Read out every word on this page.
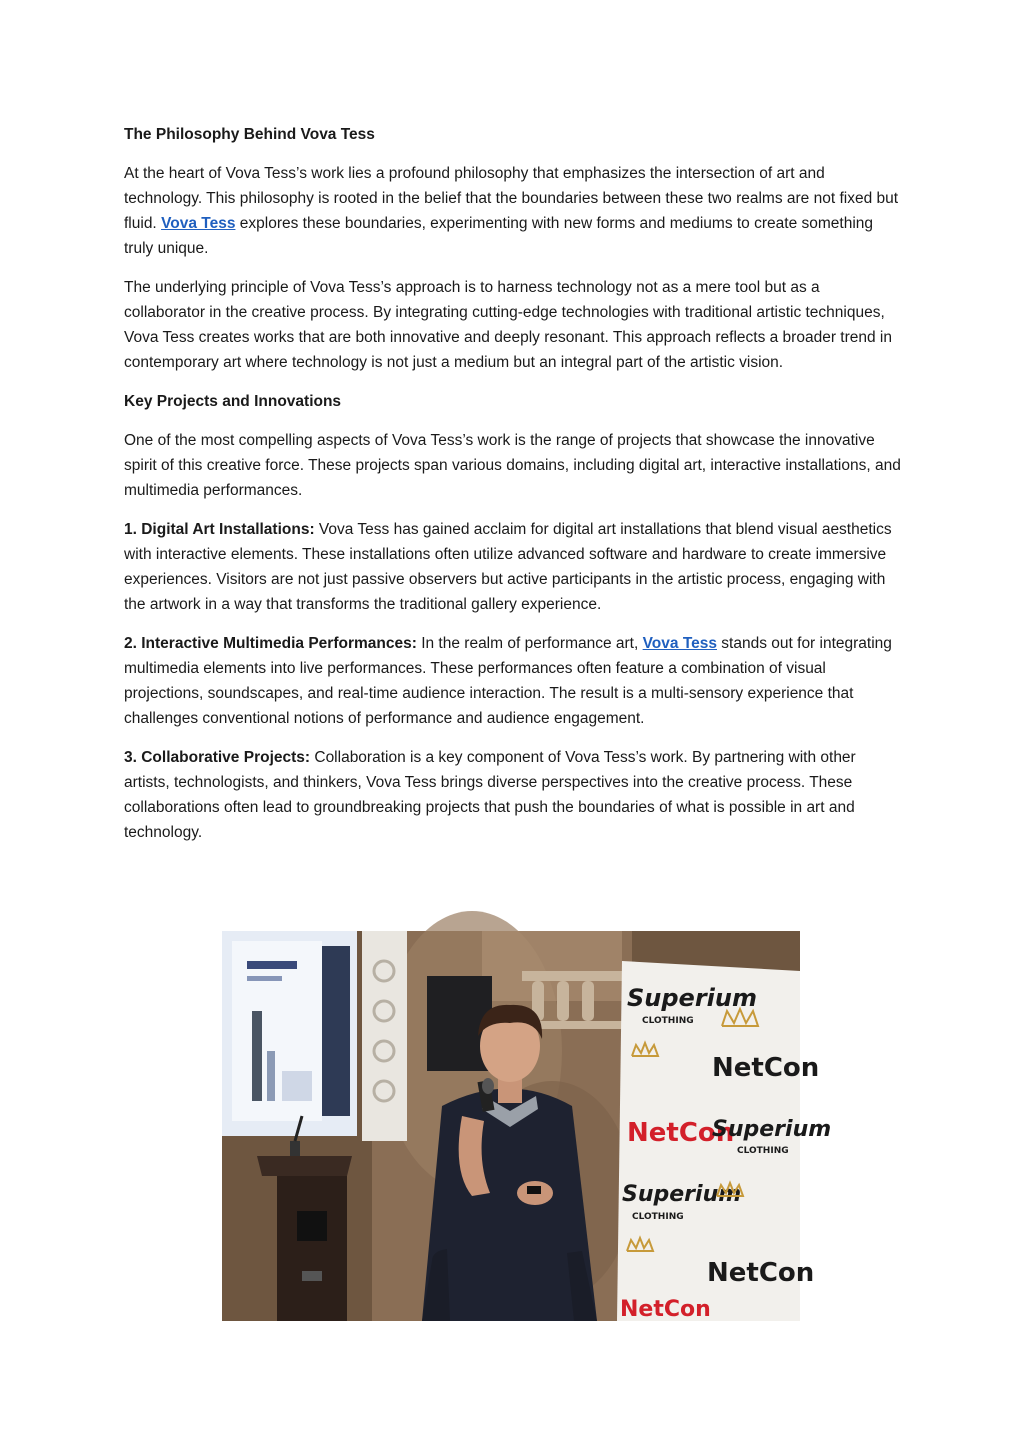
The Philosophy Behind Vova Tess

At the heart of Vova Tess’s work lies a profound philosophy that emphasizes the intersection of art and technology. This philosophy is rooted in the belief that the boundaries between these two realms are not fixed but fluid. Vova Tess explores these boundaries, experimenting with new forms and mediums to create something truly unique.

The underlying principle of Vova Tess’s approach is to harness technology not as a mere tool but as a collaborator in the creative process. By integrating cutting-edge technologies with traditional artistic techniques, Vova Tess creates works that are both innovative and deeply resonant. This approach reflects a broader trend in contemporary art where technology is not just a medium but an integral part of the artistic vision.

Key Projects and Innovations

One of the most compelling aspects of Vova Tess’s work is the range of projects that showcase the innovative spirit of this creative force. These projects span various domains, including digital art, interactive installations, and multimedia performances.

1. Digital Art Installations: Vova Tess has gained acclaim for digital art installations that blend visual aesthetics with interactive elements. These installations often utilize advanced software and hardware to create immersive experiences. Visitors are not just passive observers but active participants in the artistic process, engaging with the artwork in a way that transforms the traditional gallery experience.

2. Interactive Multimedia Performances: In the realm of performance art, Vova Tess stands out for integrating multimedia elements into live performances. These performances often feature a combination of visual projections, soundscapes, and real-time audience interaction. The result is a multi-sensory experience that challenges conventional notions of performance and audience engagement.

3. Collaborative Projects: Collaboration is a key component of Vova Tess’s work. By partnering with other artists, technologists, and thinkers, Vova Tess brings diverse perspectives into the creative process. These collaborations often lead to groundbreaking projects that push the boundaries of what is possible in art and technology.

Superium
CLOTHING
NetCon
NetCon
Superium
CLOTHING
Superium
CLOTHING
NetCon
NetCon
